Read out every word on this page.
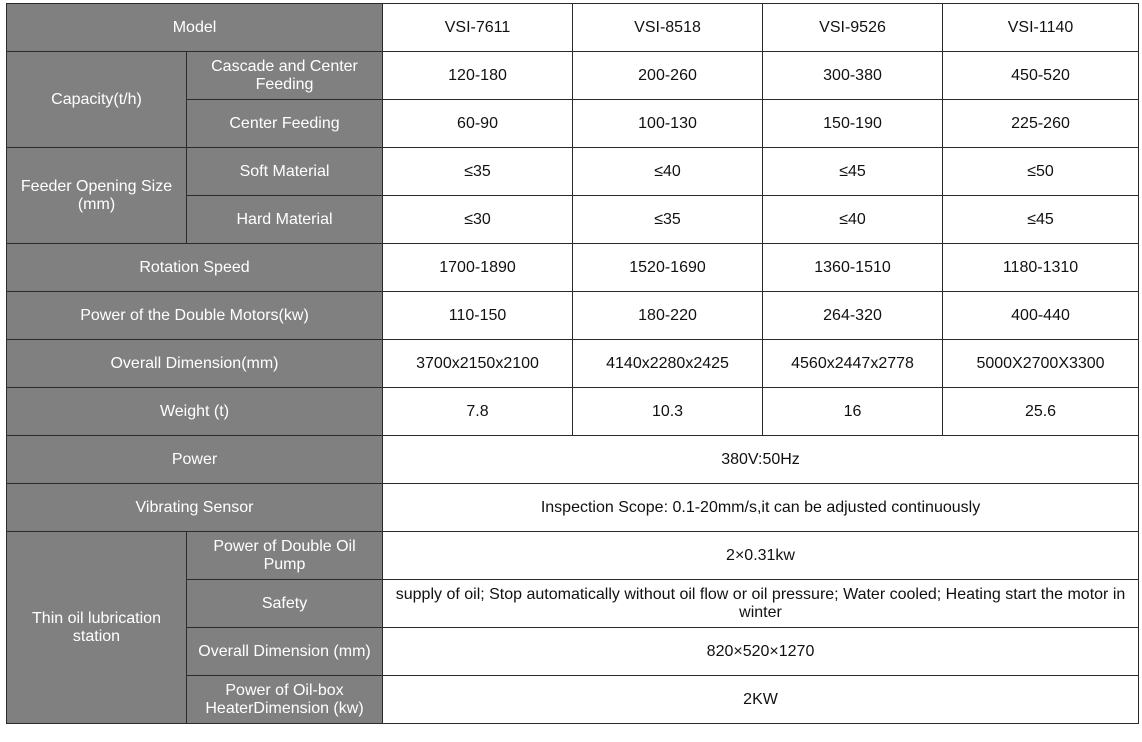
Model		VSI-7611	VSI-8518	VSI-9526	VSI-1140
Capacity(t/h)	Cascade and Center Feeding	120-180	200-260	300-380	450-520
	Center Feeding	60-90	100-130	150-190	225-260
Feeder Opening Size (mm)	Soft Material	≤35	≤40	≤45	≤50
	Hard Material	≤30	≤35	≤40	≤45
Rotation Speed		1700-1890	1520-1690	1360-1510	1180-1310
Power of the Double Motors(kw)		110-150	180-220	264-320	400-440
Overall Dimension(mm)		3700x2150x2100	4140x2280x2425	4560x2447x2778	5000X2700X3300
Weight (t)		7.8	10.3	16	25.6
Power		380V:50Hz			
Vibrating Sensor		Inspection Scope: 0.1-20mm/s,it can be adjusted continuously			
Thin oil lubrication station	Power of Double Oil Pump	2×0.31kw			
	Safety	supply of oil; Stop automatically without oil flow or oil pressure; Water cooled; Heating start the motor in winter			
	Overall Dimension (mm)	820×520×1270			
	Power of Oil-box HeaterDimension (kw)	2KW			
